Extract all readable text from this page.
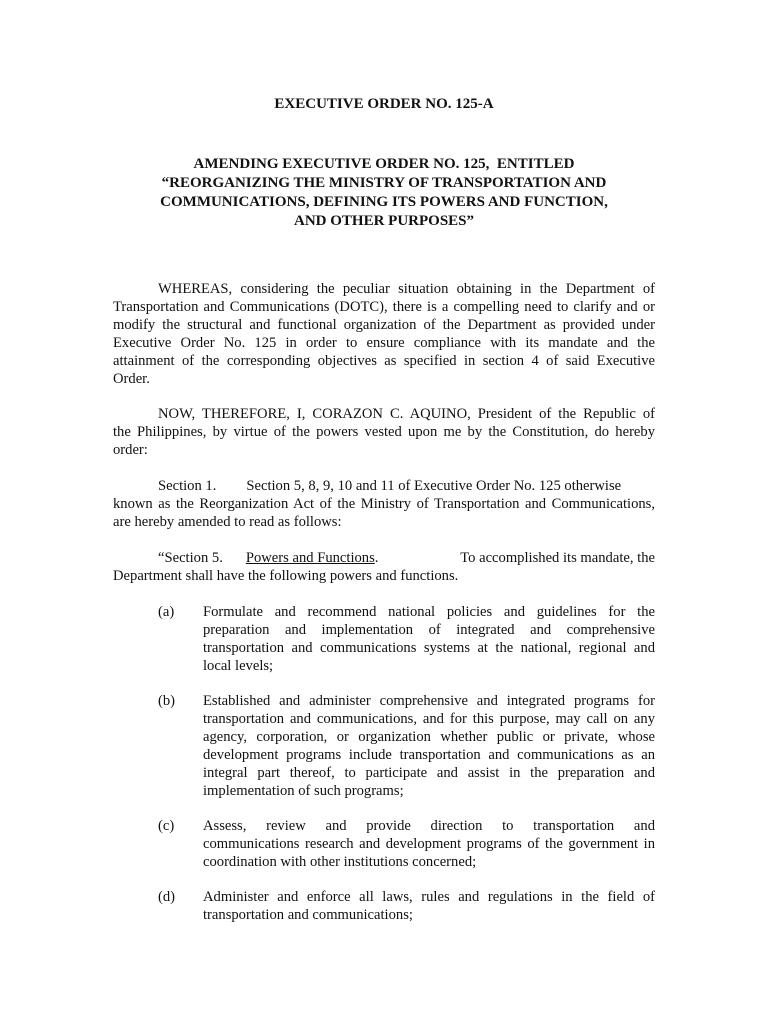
EXECUTIVE ORDER NO. 125-A
AMENDING EXECUTIVE ORDER NO. 125,  ENTITLED
“REORGANIZING THE MINISTRY OF TRANSPORTATION AND
COMMUNICATIONS, DEFINING ITS POWERS AND FUNCTION,
AND OTHER PURPOSES”
WHEREAS, considering the peculiar situation obtaining in the Department of
Transportation and Communications (DOTC), there is a compelling need to clarify and or
modify the structural and functional organization of the Department as provided under
Executive Order No. 125 in order to ensure compliance with its mandate and the
attainment of the corresponding objectives as specified in section 4 of said Executive
Order.
NOW, THEREFORE, I, CORAZON C. AQUINO, President of the Republic of
the Philippines, by virtue of the powers vested upon me by the Constitution, do hereby
order:
Section 1. Section 5, 8, 9, 10 and 11 of Executive Order No. 125 otherwise
known as the Reorganization Act of the Ministry of Transportation and Communications,
are hereby amended to read as follows:
“Section 5. Powers and Functions.	To accomplished its mandate, the
Department shall have the following powers and functions.
(a) Formulate and recommend national policies and guidelines for the
preparation and implementation of integrated and comprehensive
transportation and communications systems at the national, regional and
local levels;
(b) Established and administer comprehensive and integrated programs for
transportation and communications, and for this purpose, may call on any
agency, corporation, or organization whether public or private, whose
development programs include transportation and communications as an
integral part thereof, to participate and assist in the preparation and
implementation of such programs;
(c) Assess, review and provide direction to transportation and
communications research and development programs of the government in
coordination with other institutions concerned;
(d) Administer and enforce all laws, rules and regulations in the field of
transportation and communications;
